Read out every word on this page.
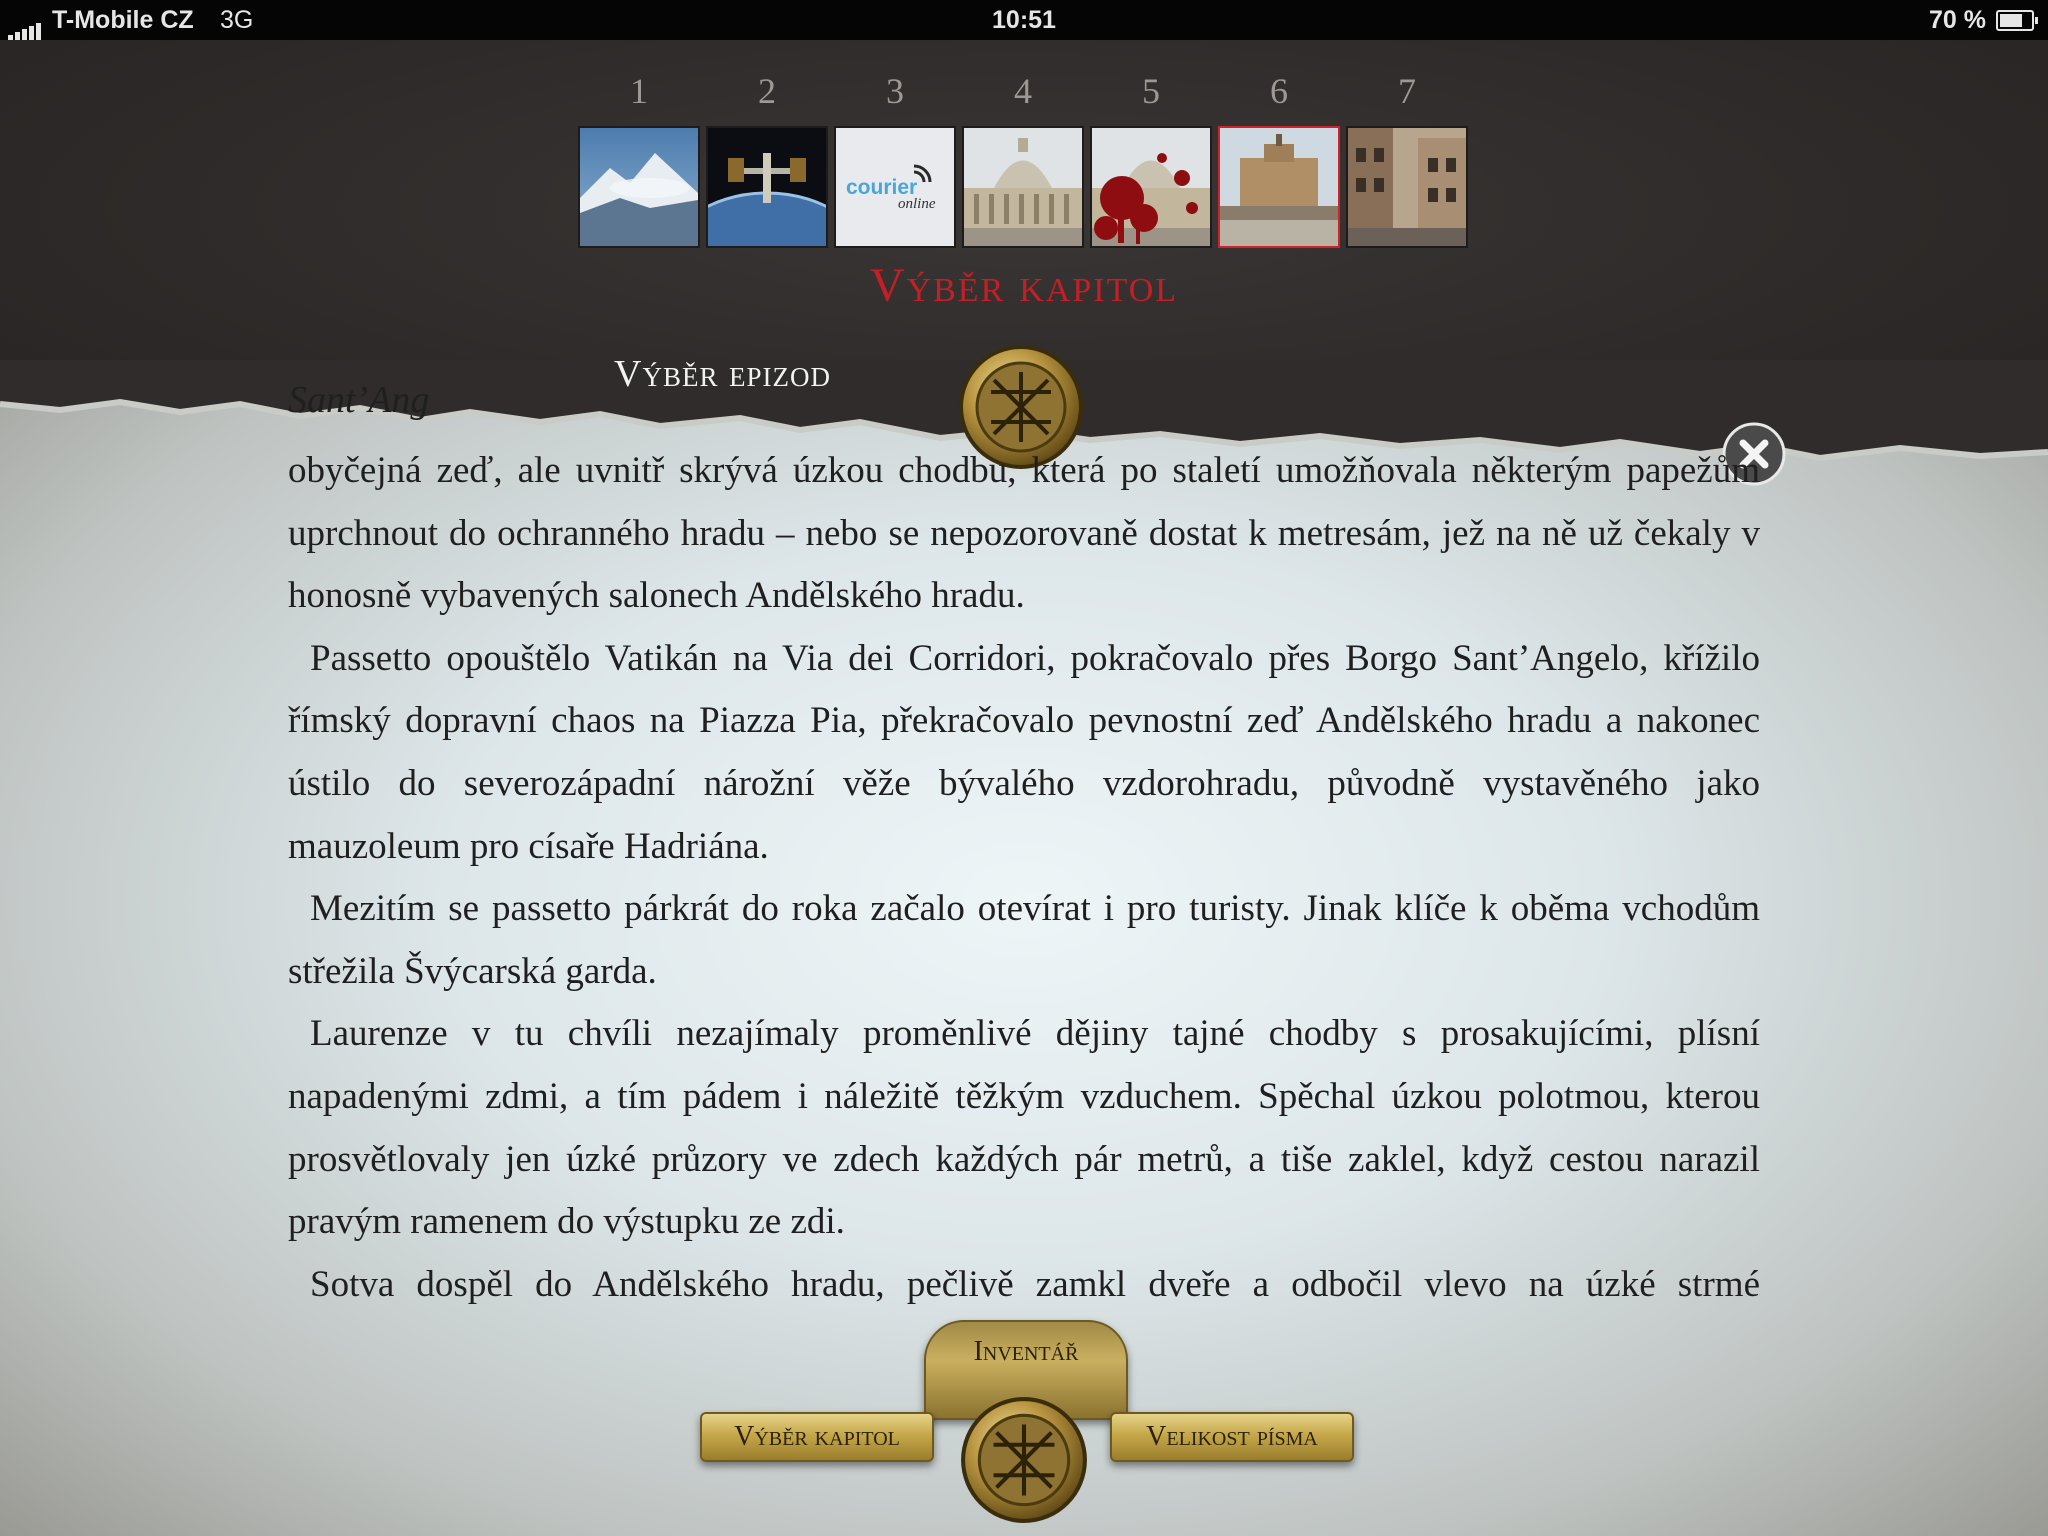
T-Mobile CZ 3G	10:51	70 %
1	2	3
courier
online
4	5	6	7
Výběr kapitol
Sant’Ang
Výběr epizod

obyčejná zeď, ale uvnitř skrývá úzkou chodbu, která po staletí umožňovala některým papežům uprchnout do ochranného hradu – nebo se nepozorovaně dostat k metresám, jež na ně už čekaly v honosně vybavených salonech Andělského hradu.

Passetto opouštělo Vatikán na Via dei Corridori, pokračovalo přes Borgo Sant’Angelo, křížilo římský dopravní chaos na Piazza Pia, překračovalo pevnostní zeď Andělského hradu a nakonec ústilo do severozápadní nárožní věže bývalého vzdorohradu, původně vystavěného jako mauzoleum pro císaře Hadriána.

Mezitím se passetto párkrát do roka začalo otevírat i pro turisty. Jinak klíče k oběma vchodům střežila Švýcarská garda.

Laurenze v tu chvíli nezajímaly proměnlivé dějiny tajné chodby s prosakujícími, plísní napadenými zdmi, a tím pádem i náležitě těžkým vzduchem. Spěchal úzkou polotmou, kterou prosvětlovaly jen úzké průzory ve zdech každých pár metrů, a tiše zaklel, když cestou narazil pravým ramenem do výstupku ze zdi.

Sotva dospěl do Andělského hradu, pečlivě zamkl dveře a odbočil vlevo na úzké strmé

Inventář
Výběr kapitol	Velikost písma
